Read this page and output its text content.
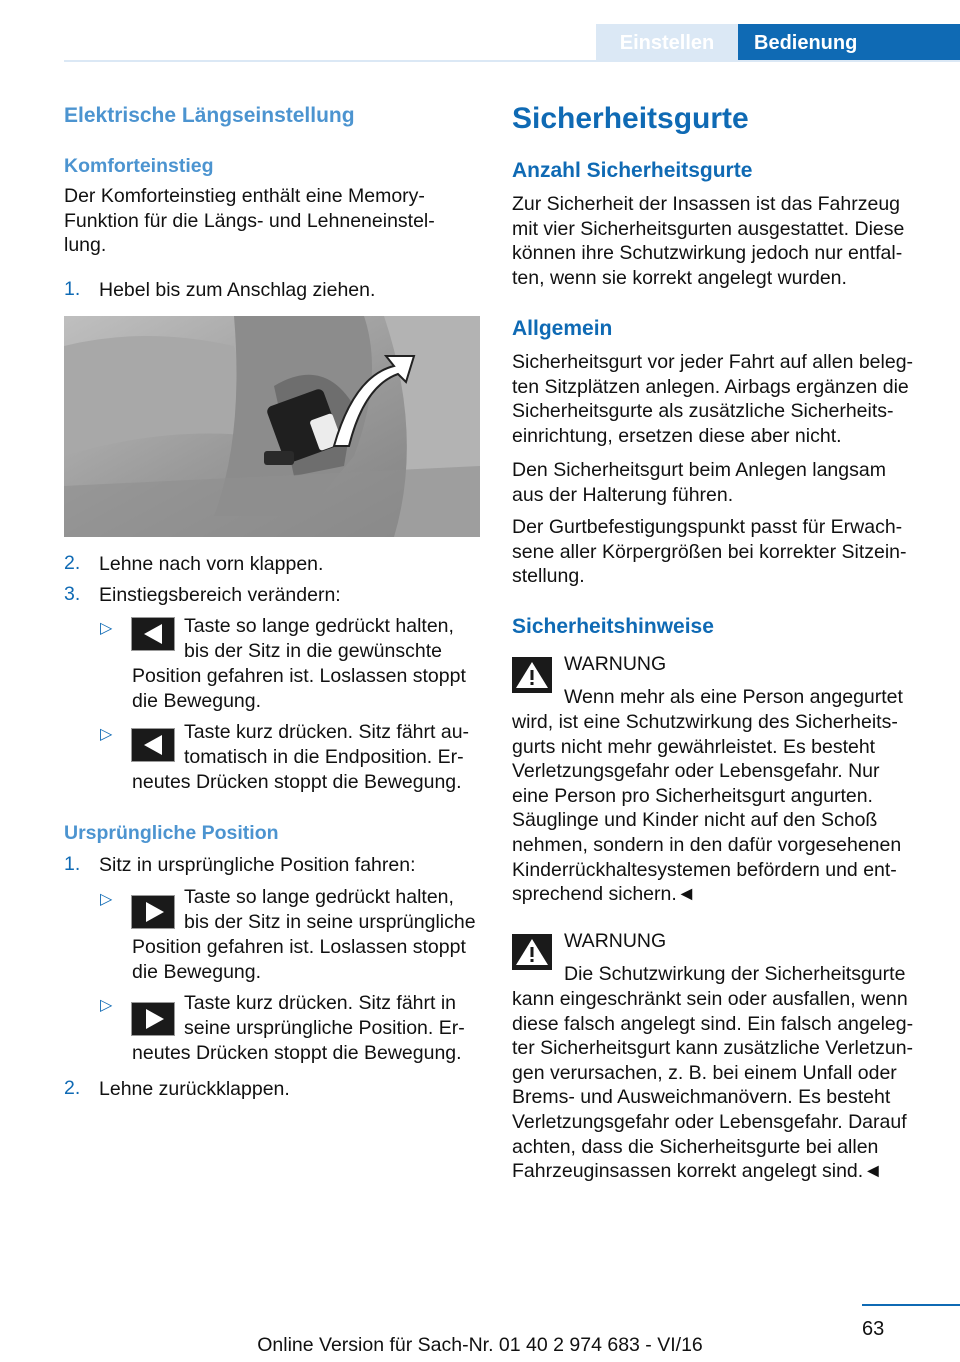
Einstellen	Bedienung
Elektrische Längseinstellung
Komforteinstieg
Der Komforteinstieg enthält eine Memory-
Funktion für die Längs- und Lehneneinstel-
lung.
1. Hebel bis zum Anschlag ziehen.
2. Lehne nach vorn klappen.
3. Einstiegsbereich verändern:
▷	Taste so lange gedrückt halten,
bis der Sitz in die gewünschte
Position gefahren ist. Loslassen stoppt
die Bewegung.
▷	Taste kurz drücken. Sitz fährt au-
tomatisch in die Endposition. Er-
neutes Drücken stoppt die Bewegung.
Ursprüngliche Position
1. Sitz in ursprüngliche Position fahren:
▷	Taste so lange gedrückt halten,
bis der Sitz in seine ursprüngliche
Position gefahren ist. Loslassen stoppt
die Bewegung.
▷	Taste kurz drücken. Sitz fährt in
seine ursprüngliche Position. Er-
neutes Drücken stoppt die Bewegung.
2. Lehne zurückklappen.
Sicherheitsgurte
Anzahl Sicherheitsgurte
Zur Sicherheit der Insassen ist das Fahrzeug
mit vier Sicherheitsgurten ausgestattet. Diese
können ihre Schutzwirkung jedoch nur entfal-
ten, wenn sie korrekt angelegt wurden.
Allgemein
Sicherheitsgurt vor jeder Fahrt auf allen beleg-
ten Sitzplätzen anlegen. Airbags ergänzen die
Sicherheitsgurte als zusätzliche Sicherheits-
einrichtung, ersetzen diese aber nicht.
Den Sicherheitsgurt beim Anlegen langsam
aus der Halterung führen.
Der Gurtbefestigungspunkt passt für Erwach-
sene aller Körpergrößen bei korrekter Sitzein-
stellung.
Sicherheitshinweise
WARNUNG
Wenn mehr als eine Person angegurtet
wird, ist eine Schutzwirkung des Sicherheits-
gurts nicht mehr gewährleistet. Es besteht
Verletzungsgefahr oder Lebensgefahr. Nur
eine Person pro Sicherheitsgurt angurten.
Säuglinge und Kinder nicht auf den Schoß
nehmen, sondern in den dafür vorgesehenen
Kinderrückhaltesystemen befördern und ent-
sprechend sichern.◄
WARNUNG
Die Schutzwirkung der Sicherheitsgurte
kann eingeschränkt sein oder ausfallen, wenn
diese falsch angelegt sind. Ein falsch angeleg-
ter Sicherheitsgurt kann zusätzliche Verletzun-
gen verursachen, z. B. bei einem Unfall oder
Brems- und Ausweichmanövern. Es besteht
Verletzungsgefahr oder Lebensgefahr. Darauf
achten, dass die Sicherheitsgurte bei allen
Fahrzeuginsassen korrekt angelegt sind.◄
63
Online Version für Sach-Nr. 01 40 2 974 683 - VI/16
